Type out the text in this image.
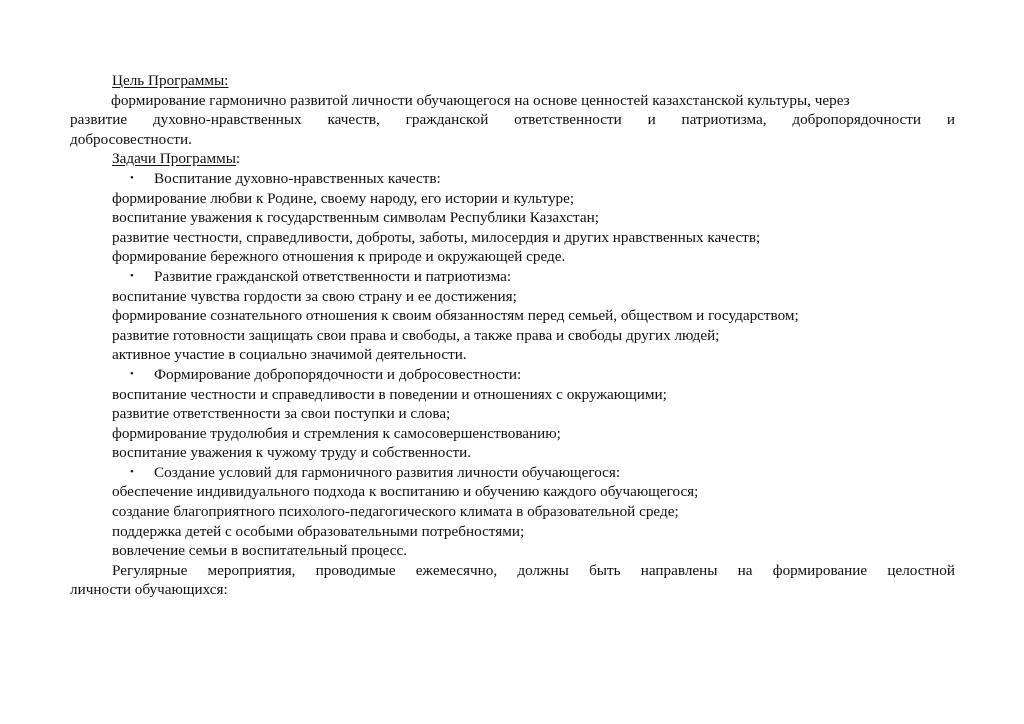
Цель Программы:
формирование гармонично развитой личности обучающегося на основе ценностей казахстанской культуры, через
развитие духовно-нравственных качеств, гражданской ответственности и патриотизма, добропорядочности и
добросовестности.
Задачи Программы:
• Воспитание духовно-нравственных качеств:
формирование любви к Родине, своему народу, его истории и культуре;
воспитание уважения к государственным символам Республики Казахстан;
развитие честности, справедливости, доброты, заботы, милосердия и других нравственных качеств;
формирование бережного отношения к природе и окружающей среде.
• Развитие гражданской ответственности и патриотизма:
воспитание чувства гордости за свою страну и ее достижения;
формирование сознательного отношения к своим обязанностям перед семьей, обществом и государством;
развитие готовности защищать свои права и свободы, а также права и свободы других людей;
активное участие в социально значимой деятельности.
• Формирование добропорядочности и добросовестности:
воспитание честности и справедливости в поведении и отношениях с окружающими;
развитие ответственности за свои поступки и слова;
формирование трудолюбия и стремления к самосовершенствованию;
воспитание уважения к чужому труду и собственности.
• Создание условий для гармоничного развития личности обучающегося:
обеспечение индивидуального подхода к воспитанию и обучению каждого обучающегося;
создание благоприятного психолого-педагогического климата в образовательной среде;
поддержка детей с особыми образовательными потребностями;
вовлечение семьи в воспитательный процесс.
Регулярные мероприятия, проводимые ежемесячно, должны быть направлены на формирование целостной
личности обучающихся:
